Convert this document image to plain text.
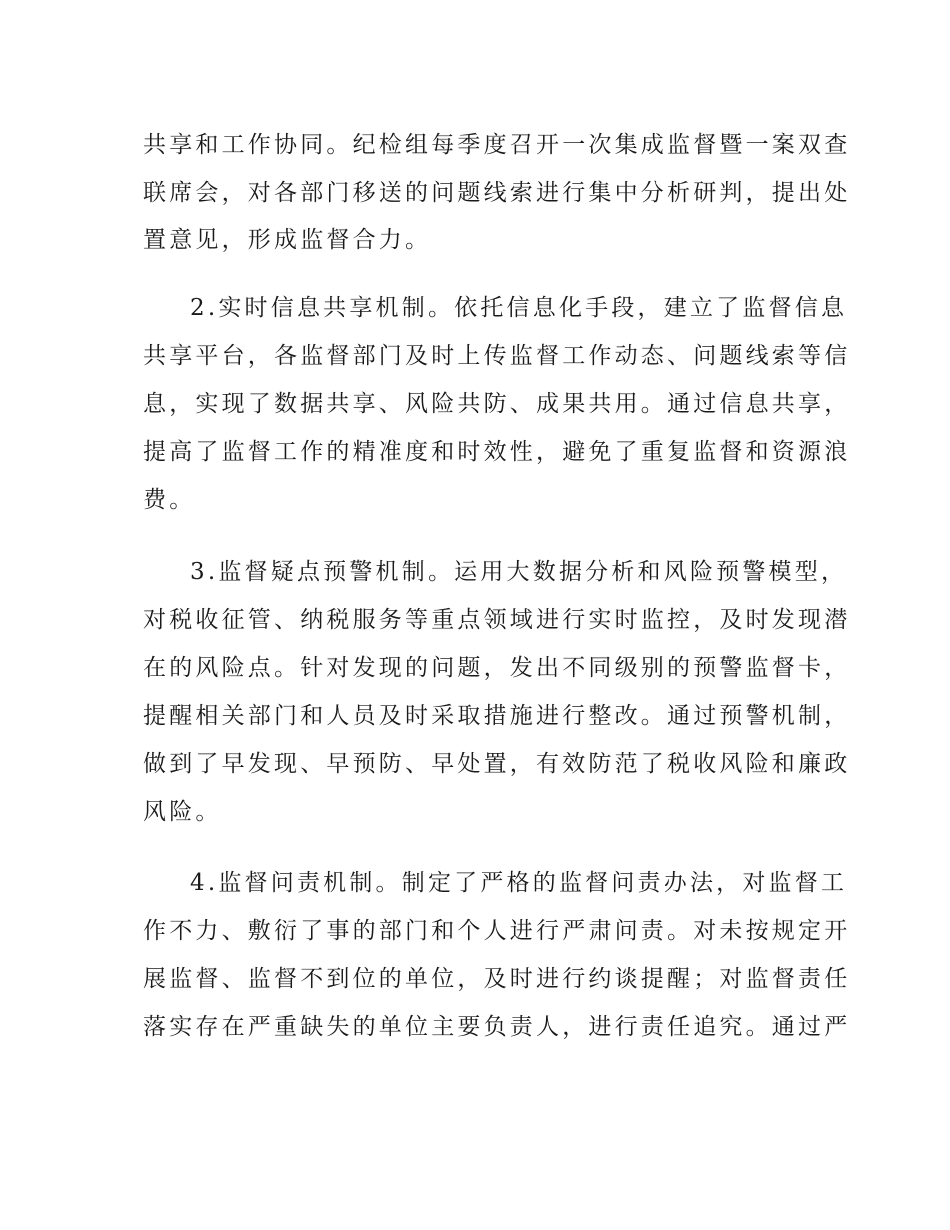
共享和工作协同。纪检组每季度召开一次集成监督暨一案双查
联席会，对各部门移送的问题线索进行集中分析研判，提出处
置意见，形成监督合力。
2.实时信息共享机制。依托信息化手段，建立了监督信息
共享平台，各监督部门及时上传监督工作动态、问题线索等信
息，实现了数据共享、风险共防、成果共用。通过信息共享，
提高了监督工作的精准度和时效性，避免了重复监督和资源浪
费。
3.监督疑点预警机制。运用大数据分析和风险预警模型，
对税收征管、纳税服务等重点领域进行实时监控，及时发现潜
在的风险点。针对发现的问题，发出不同级别的预警监督卡，
提醒相关部门和人员及时采取措施进行整改。通过预警机制，
做到了早发现、早预防、早处置，有效防范了税收风险和廉政
风险。
4.监督问责机制。制定了严格的监督问责办法，对监督工
作不力、敷衍了事的部门和个人进行严肃问责。对未按规定开
展监督、监督不到位的单位，及时进行约谈提醒；对监督责任
落实存在严重缺失的单位主要负责人，进行责任追究。通过严
